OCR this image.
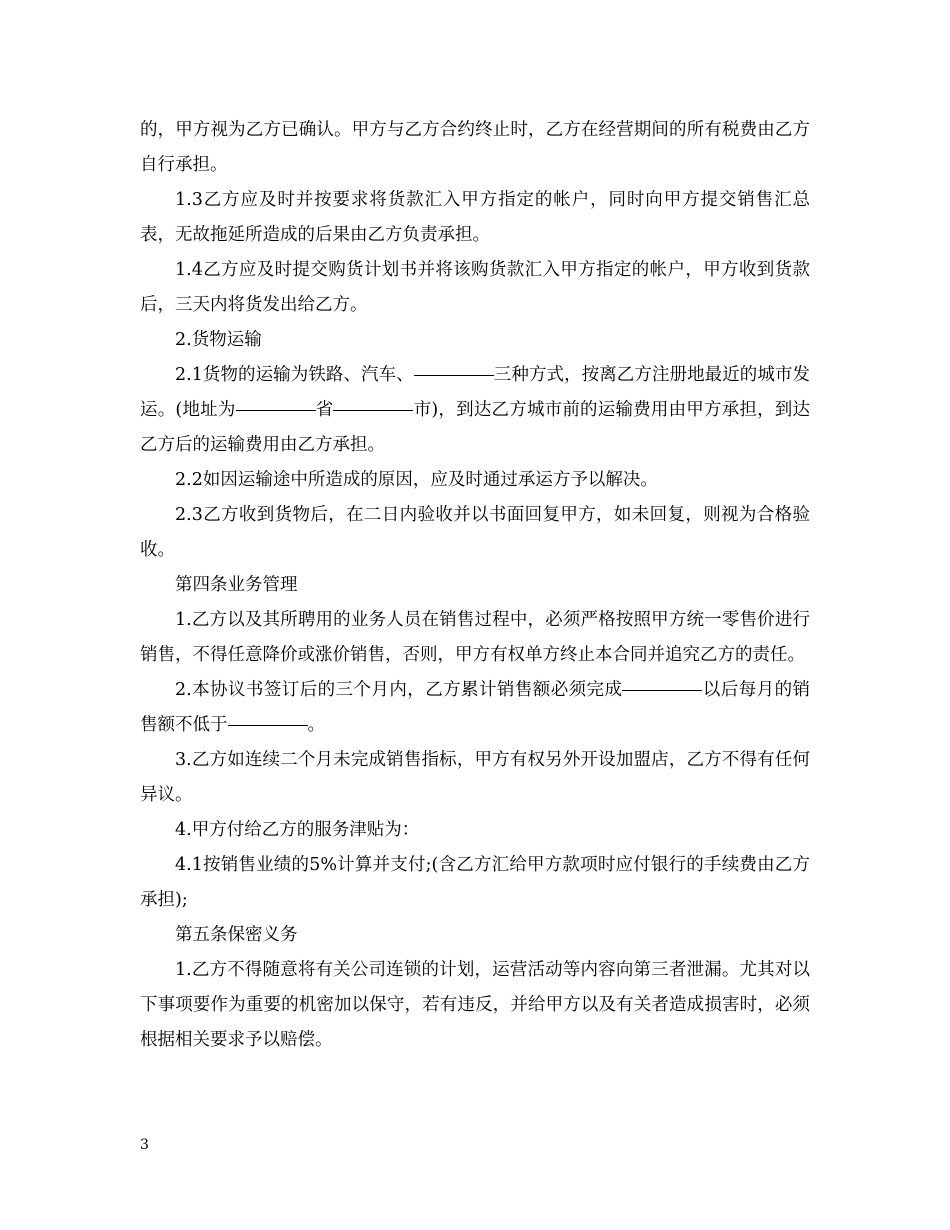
的，甲方视为乙方已确认。甲方与乙方合约终止时，乙方在经营期间的所有税费由乙方自行承担。

1.3乙方应及时并按要求将货款汇入甲方指定的帐户，同时向甲方提交销售汇总表，无故拖延所造成的后果由乙方负责承担。

1.4乙方应及时提交购货计划书并将该购货款汇入甲方指定的帐户，甲方收到货款后，三天内将货发出给乙方。

2.货物运输

2.1货物的运输为铁路、汽车、	三种方式，按离乙方注册地最近的城市发运。(地址为	省	市)，到达乙方城市前的运输费用由甲方承担，到达乙方后的运输费用由乙方承担。

2.2如因运输途中所造成的原因，应及时通过承运方予以解决。

2.3乙方收到货物后，在二日内验收并以书面回复甲方，如未回复，则视为合格验收。

第四条业务管理

1.乙方以及其所聘用的业务人员在销售过程中，必须严格按照甲方统一零售价进行销售，不得任意降价或涨价销售，否则，甲方有权单方终止本合同并追究乙方的责任。

2.本协议书签订后的三个月内，乙方累计销售额必须完成	以后每月的销售额不低于	。

3.乙方如连续二个月未完成销售指标，甲方有权另外开设加盟店，乙方不得有任何异议。

4.甲方付给乙方的服务津贴为：

4.1按销售业绩的5%计算并支付;(含乙方汇给甲方款项时应付银行的手续费由乙方承担);

第五条保密义务

1.乙方不得随意将有关公司连锁的计划，运营活动等内容向第三者泄漏。尤其对以下事项要作为重要的机密加以保守，若有违反，并给甲方以及有关者造成损害时，必须根据相关要求予以赔偿。

3
